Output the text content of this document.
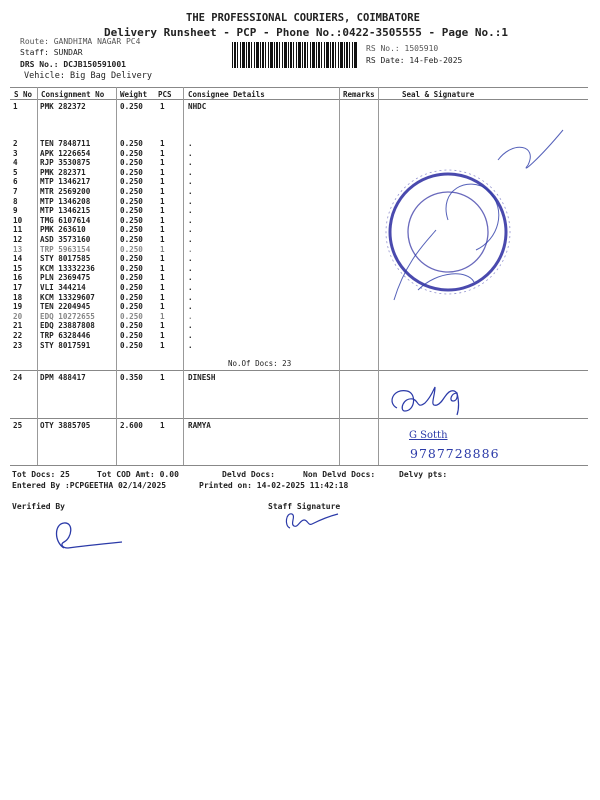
THE PROFESSIONAL COURIERS, COIMBATORE
Delivery Runsheet - PCP - Phone No.:0422-3505555 - Page No.:1
Route: GANDHIMA NAGAR PC4
Staff: SUNDAR
DRS No.: DCJB150591001
Vehicle: Big Bag Delivery
RS No.: 1505910
RS Date: 14-Feb-2025
S No Consignment No Weight PCS Consignee Details	Remarks	Seal & Signature
1	PMK 282372	0.250 1	NHDC
2	TEN 7848711	0.250 1	.
3	APK 1226654	0.250 1	.
4	RJP 3530875	0.250 1	.
5	PMK 282371	0.250 1	.
6	MTP 1346217	0.250 1	.
7	MTR 2569200	0.250 1	.
8	MTP 1346208	0.250 1	.
9	MTP 1346215	0.250 1	.
10 TMG 6107614	0.250 1	.
11 PMK 263610	0.250 1	.
12 ASD 3573160	0.250 1	.
13 TRP 5963154	0.250 1	.
14 STY 8017585	0.250 1	.
15 KCM 13332236	0.250 1	.
16 PLN 2369475	0.250 1	.
17 VLI 344214	0.250 1	.
18 KCM 13329607	0.250 1	.
19 TEN 2204945	0.250 1	.
20 EDQ 10272655	0.250 1	.
21 EDQ 23887808	0.250 1	.
22 TRP 6328446	0.250 1	.
23 STY 8017591	0.250 1	.
24 DPM 488417	0.350 1	DINESH
25 OTY 3885705	2.600 1	RAMYA
No.Of Docs: 23
G Sotth
9787728886
Tot Docs: 25	Tot COD Amt: 0.00	Delvd Docs:	Non Delvd Docs:	Delvy pts:
Entered By :PCPGEETHA 02/14/2025	Printed on: 14-02-2025 11:42:18
Verified By	Staff Signature
